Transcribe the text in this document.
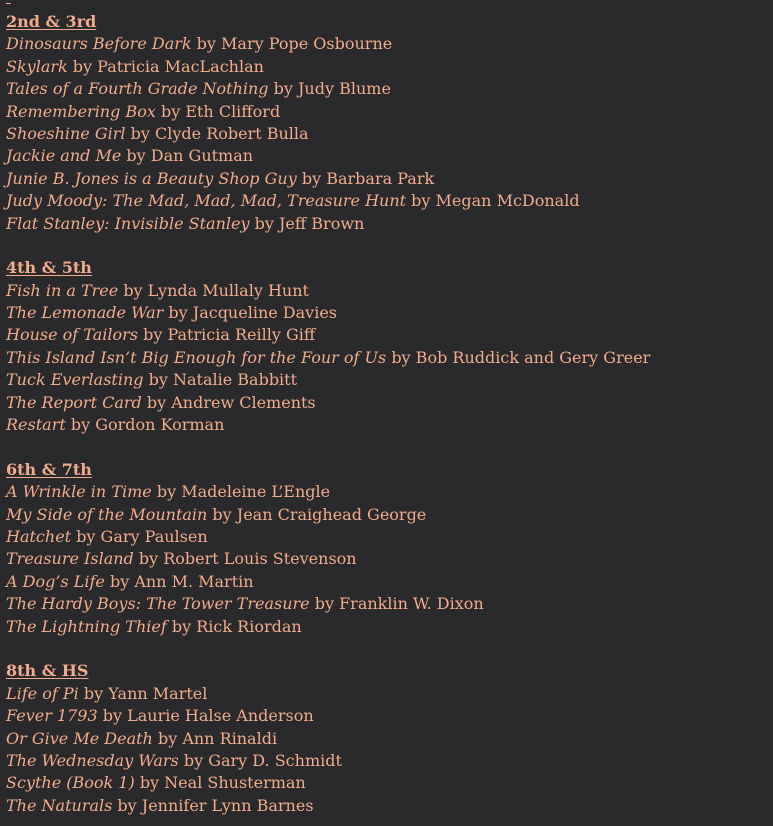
2nd & 3rd
Dinosaurs Before Dark by Mary Pope Osbourne
Skylark by Patricia MacLachlan
Tales of a Fourth Grade Nothing by Judy Blume
Remembering Box by Eth Clifford
Shoeshine Girl by Clyde Robert Bulla
Jackie and Me by Dan Gutman
Junie B. Jones is a Beauty Shop Guy by Barbara Park
Judy Moody: The Mad, Mad, Mad, Treasure Hunt by Megan McDonald
Flat Stanley: Invisible Stanley by Jeff Brown
4th & 5th
Fish in a Tree by Lynda Mullaly Hunt
The Lemonade War by Jacqueline Davies
House of Tailors by Patricia Reilly Giff
This Island Isn’t Big Enough for the Four of Us by Bob Ruddick and Gery Greer
Tuck Everlasting by Natalie Babbitt
The Report Card by Andrew Clements
Restart by Gordon Korman
6th & 7th
A Wrinkle in Time by Madeleine L’Engle
My Side of the Mountain by Jean Craighead George
Hatchet by Gary Paulsen
Treasure Island by Robert Louis Stevenson
A Dog’s Life by Ann M. Martin
The Hardy Boys: The Tower Treasure by Franklin W. Dixon
The Lightning Thief by Rick Riordan
8th & HS
Life of Pi by Yann Martel
Fever 1793 by Laurie Halse Anderson
Or Give Me Death by Ann Rinaldi
The Wednesday Wars by Gary D. Schmidt
Scythe (Book 1) by Neal Shusterman
The Naturals by Jennifer Lynn Barnes
